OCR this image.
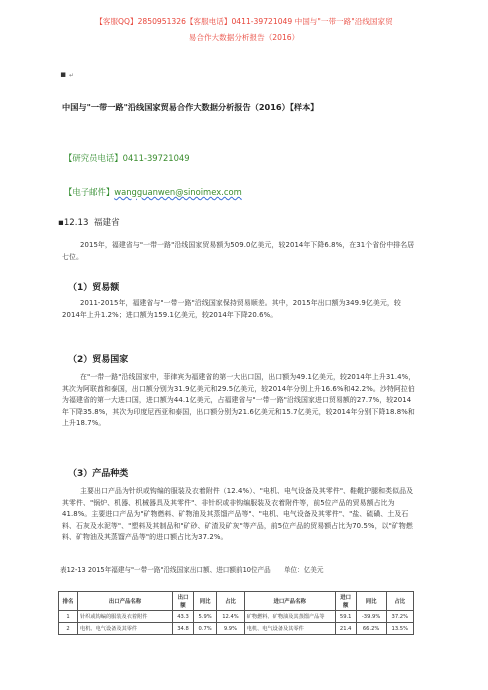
【客服QQ】2850951326【客服电话】0411-39721049 中国与"一带一路"沿线国家贸
易合作大数据分析报告（2016）
▪ ↵
中国与"一带一路"沿线国家贸易合作大数据分析报告（2016）【样本】
【研究员电话】0411-39721049
【电子邮件】wangguanwen@sinoimex.com
▪12.13 福建省
2015年，福建省与"一带一路"沿线国家贸易额为509.0亿美元，较2014年下降6.8%，在31个省份中排名居七位。
（1）贸易额
2011-2015年，福建省与"一带一路"沿线国家保持贸易顺差。其中，2015年出口额为349.9亿美元，较2014年上升1.2%；进口额为159.1亿美元，较2014年下降20.6%。
（2）贸易国家
在"一带一路"沿线国家中，菲律宾为福建省的第一大出口国，出口额为49.1亿美元，较2014年上升31.4%，其次为阿联酋和泰国，出口额分别为31.9亿美元和29.5亿美元，较2014年分别上升16.6%和42.2%。沙特阿拉伯为福建省的第一大进口国，进口额为44.1亿美元，占福建省与"一带一路"沿线国家进口贸易额的27.7%，较2014年下降35.8%，其次为印度尼西亚和泰国，出口额分别为21.6亿美元和15.7亿美元，较2014年分别下降18.8%和上升18.7%。
（3）产品种类
主要出口产品为针织或钩编的服装及衣着附件（12.4%）、"电机、电气设备及其零件"、鞋靴护腿和类似品及其零件、"锅炉、机器、机械器具及其零件"、非针织或非钩编服装及衣着附件等，前5位产品的贸易额占比为41.8%。主要进口产品为"矿物燃料、矿物油及其蒸馏产品等"、"电机、电气设备及其零件"、"盐、硫磺、土及石料、石灰及水泥等"、"塑料及其制品和"矿砂、矿渣及矿灰"等产品，前5位产品的贸易额占比为70.5%，以"矿物燃料、矿物油及其蒸馏产品等"的进口额占比为37.2%。
表12-13 2015年福建与"一带一路"沿线国家出口额、进口额前10位产品　　单位：亿美元
排名	出口产品名称	出口额	同比	占比	进口产品名称	进口额	同比	占比
1	针织或钩编的服装及衣着附件	43.3	5.9%	12.4%	矿物燃料、矿物油及其蒸馏产品等	59.1	-39.9%	37.2%
2	电机、电气设备及其零件	34.8	0.7%	9.9%	电机、电气设备及其零件	21.4	66.2%	13.5%
